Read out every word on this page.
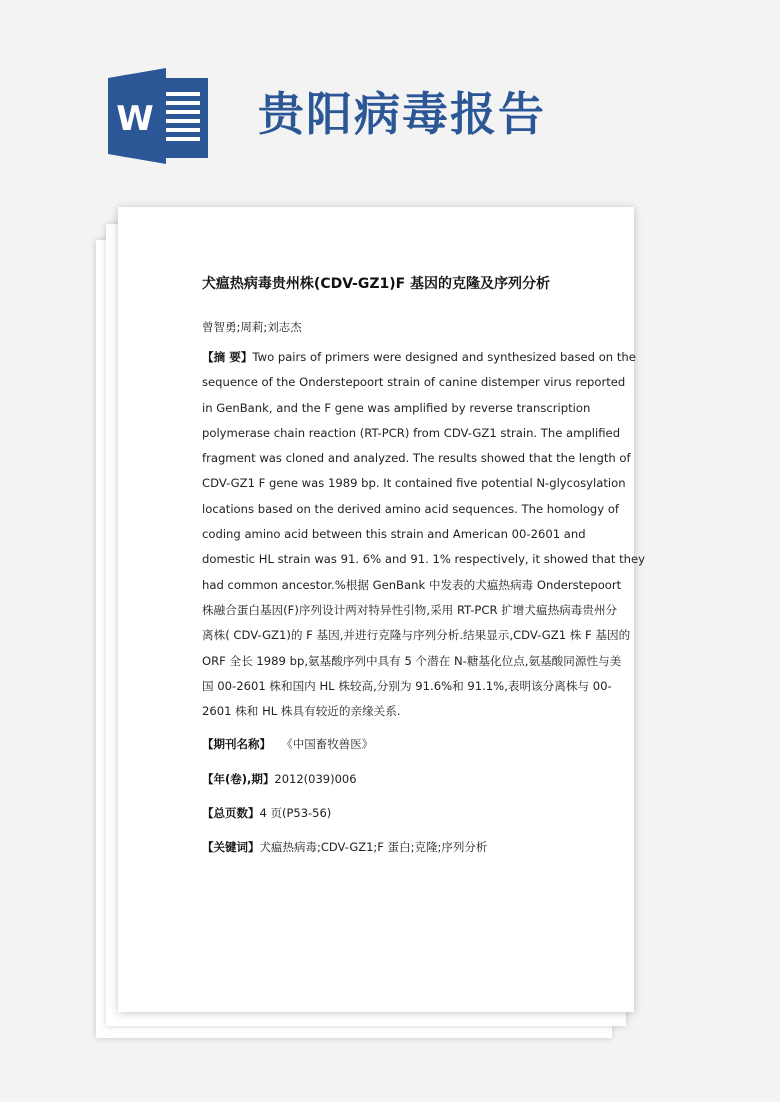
W 贵阳病毒报告
犬瘟热病毒贵州株(CDV-GZ1)F 基因的克隆及序列分析
曾智勇;周莉;刘志杰
【摘 要】Two pairs of primers were designed and synthesized based on the
sequence of the Onderstepoort strain of canine distemper virus reported
in GenBank, and the F gene was amplified by reverse transcription
polymerase chain reaction (RT-PCR) from CDV-GZ1 strain. The amplified
fragment was cloned and analyzed. The results showed that the length of
CDV-GZ1 F gene was 1989 bp. It contained five potential N-glycosylation
locations based on the derived amino acid sequences. The homology of
coding amino acid between this strain and American 00-2601 and
domestic HL strain was 91. 6% and 91. 1% respectively, it showed that they
had common ancestor.%根据 GenBank 中发表的犬瘟热病毒 Onderstepoort
株融合蛋白基因(F)序列设计两对特异性引物,采用 RT-PCR 扩增犬瘟热病毒贵州分
离株( CDV-GZ1)的 F 基因,并进行克隆与序列分析.结果显示,CDV-GZ1 株 F 基因的
ORF 全长 1989 bp,氨基酸序列中具有 5 个潜在 N-糖基化位点,氨基酸同源性与美
国 00-2601 株和国内 HL 株较高,分别为 91.6%和 91.1%,表明该分离株与 00-
2601 株和 HL 株具有较近的亲缘关系.
【期刊名称】 《中国畜牧兽医》
【年(卷),期】2012(039)006
【总页数】4 页(P53-56)
【关键词】犬瘟热病毒;CDV-GZ1;F 蛋白;克隆;序列分析
